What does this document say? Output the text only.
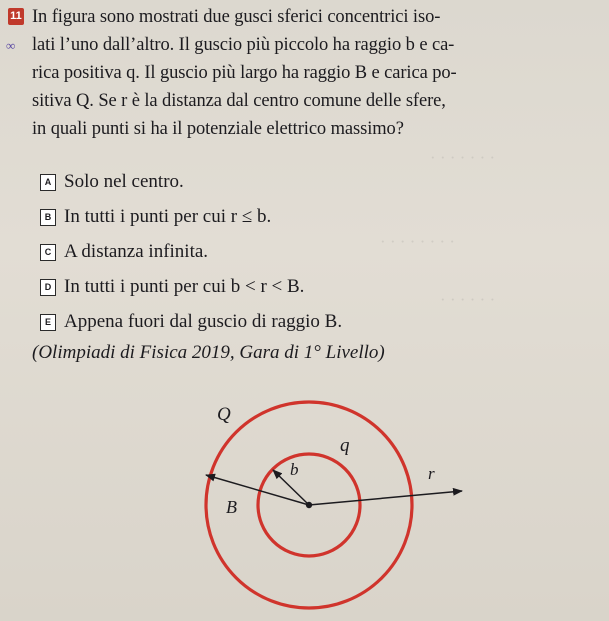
· · · · · · ·
· · · · · · · ·
· · · · · ·
11
∞
In figura sono mostrati due gusci sferici concentrici iso-
lati l’uno dall’altro. Il guscio più piccolo ha raggio b e ca-
rica positiva q. Il guscio più largo ha raggio B e carica po-
sitiva Q. Se r è la distanza dal centro comune delle sfere,
in quali punti si ha il potenziale elettrico massimo?
A Solo nel centro.
B In tutti i punti per cui r ≤ b.
C A distanza infinita.
D In tutti i punti per cui b < r < B.
E Appena fuori dal guscio di raggio B.
(Olimpiadi di Fisica 2019, Gara di 1° Livello)
Q
q
b
B
r
